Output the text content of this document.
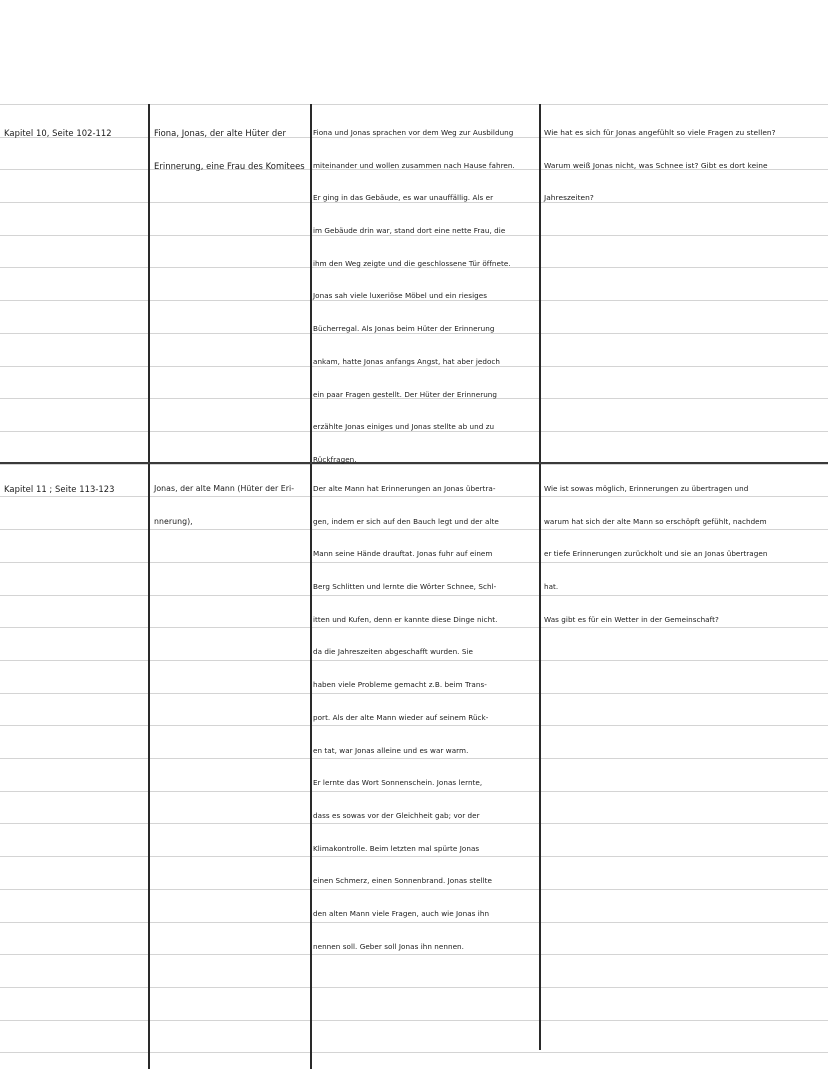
Kapitel 10, Seite 102-112	Fiona, Jonas, der alte Hüter der
Erinnerung, eine Frau des Komitees
Fiona und Jonas sprachen vor dem Weg zur Ausbildung
miteinander und wollen zusammen nach Hause fahren.
Er ging in das Gebäude, es war unauffällig. Als er
im Gebäude drin war, stand dort eine nette Frau, die
ihm den Weg zeigte und die geschlossene Tür öffnete.
Jonas sah viele luxeriöse Möbel und ein riesiges
Bücherregal. Als Jonas beim Hüter der Erinnerung
ankam, hatte Jonas anfangs Angst, hat aber jedoch
ein paar Fragen gestellt. Der Hüter der Erinnerung
erzählte Jonas einiges und Jonas stellte ab und zu
Rückfragen.
Wie hat es sich für Jonas angefühlt so viele Fragen zu stellen?
Warum weiß Jonas nicht, was Schnee ist? Gibt es dort keine
Jahreszeiten?
Kapitel 11 ; Seite 113-123	Jonas, der alte Mann (Hüter der Eri-
nnerung),
Der alte Mann hat Erinnerungen an Jonas übertra-
gen, indem er sich auf den Bauch legt und der alte
Mann seine Hände drauftat. Jonas fuhr auf einem
Berg Schlitten und lernte die Wörter Schnee, Schl-
itten und Kufen, denn er kannte diese Dinge nicht.
da die Jahreszeiten abgeschafft wurden. Sie
haben viele Probleme gemacht z.B. beim Trans-
port. Als der alte Mann wieder auf seinem Rück-
en tat, war Jonas alleine und es war warm.
Er lernte das Wort Sonnenschein. Jonas lernte,
dass es sowas vor der Gleichheit gab; vor der
Klimakontrolle. Beim letzten mal spürte Jonas
einen Schmerz, einen Sonnenbrand. Jonas stellte
den alten Mann viele Fragen, auch wie Jonas ihn
nennen soll. Geber soll Jonas ihn nennen.
Wie ist sowas möglich, Erinnerungen zu übertragen und
warum hat sich der alte Mann so erschöpft gefühlt, nachdem
er tiefe Erinnerungen zurückholt und sie an Jonas übertragen
hat.
Was gibt es für ein Wetter in der Gemeinschaft?
